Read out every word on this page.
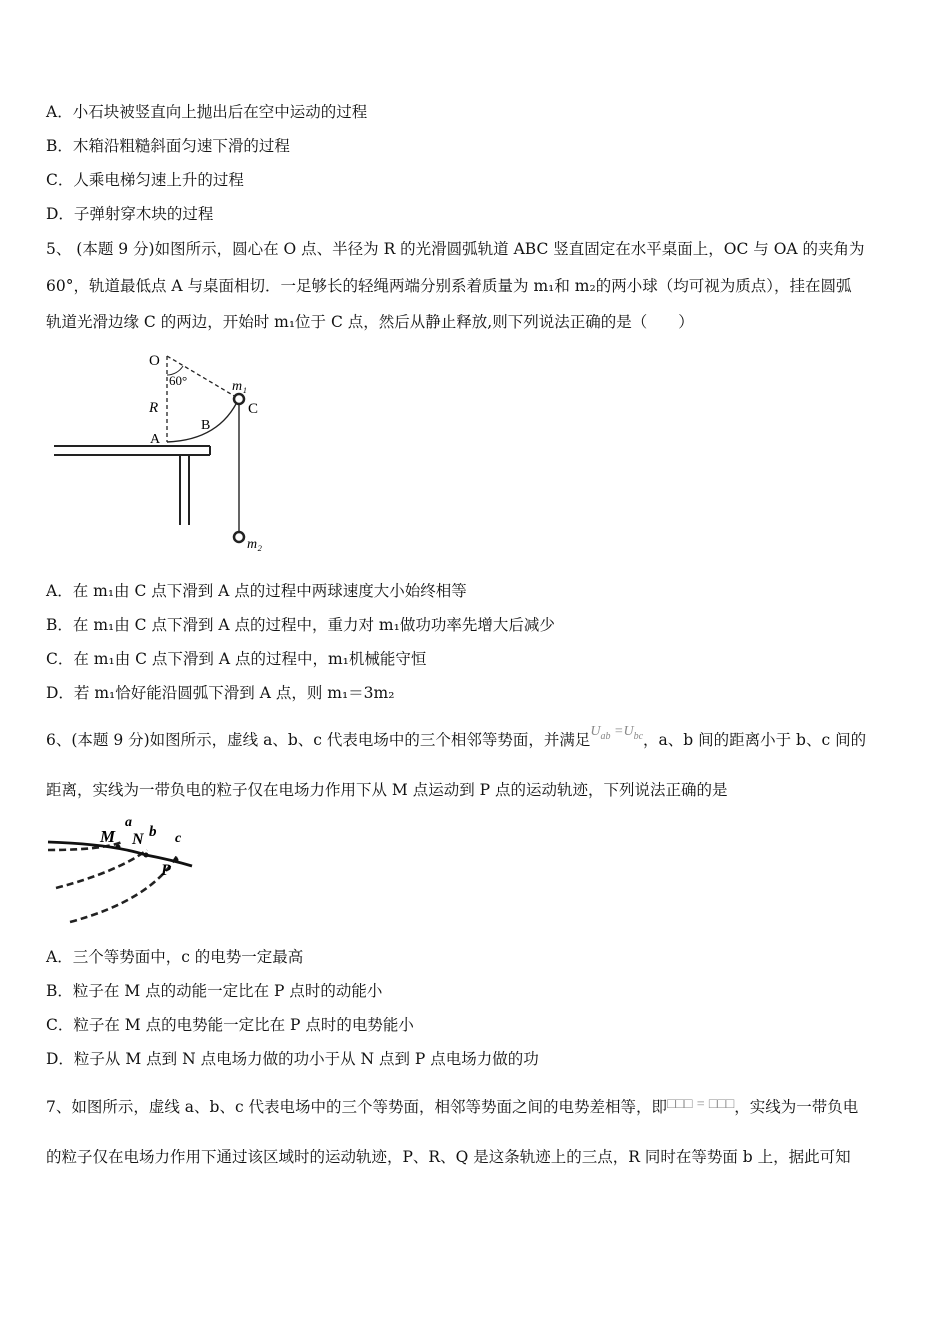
A．小石块被竖直向上抛出后在空中运动的过程
B．木箱沿粗糙斜面匀速下滑的过程
C．人乘电梯匀速上升的过程
D．子弹射穿木块的过程
5、 (本题 9 分)如图所示，圆心在 O 点、半径为 R 的光滑圆弧轨道 ABC 竖直固定在水平桌面上，OC 与 OA 的夹角为
60°，轨道最低点 A 与桌面相切．一足够长的轻绳两端分别系着质量为 m₁和 m₂的两小球（均可视为质点），挂在圆弧
轨道光滑边缘 C 的两边，开始时 m₁位于 C 点，然后从静止释放,则下列说法正确的是（　　）
O
60°
R
A
B
C
m₁
m₂
A．在 m₁由 C 点下滑到 A 点的过程中两球速度大小始终相等
B．在 m₁由 C 点下滑到 A 点的过程中，重力对 m₁做功功率先增大后减少
C．在 m₁由 C 点下滑到 A 点的过程中，m₁机械能守恒
D．若 m₁恰好能沿圆弧下滑到 A 点，则 m₁＝3m₂
6、(本题 9 分)如图所示，虚线 a、b、c 代表电场中的三个相邻等势面，并满足$U_{ab} =U_{bc}$，a、b 间的距离小于 b、c 间的
距离，实线为一带负电的粒子仅在电场力作用下从 M 点运动到 P 点的运动轨迹，下列说法正确的是
M
a
N b c
P
A．三个等势面中，c 的电势一定最高
B．粒子在 M 点的动能一定比在 P 点时的动能小
C．粒子在 M 点的电势能一定比在 P 点时的电势能小
D．粒子从 M 点到 N 点电场力做的功小于从 N 点到 P 点电场力做的功
7、如图所示，虚线 a、b、c 代表电场中的三个等势面，相邻等势面之间的电势差相等，即□□□ = □□□，实线为一带负电
的粒子仅在电场力作用下通过该区域时的运动轨迹，P、R、Q 是这条轨迹上的三点，R 同时在等势面 b 上，据此可知
